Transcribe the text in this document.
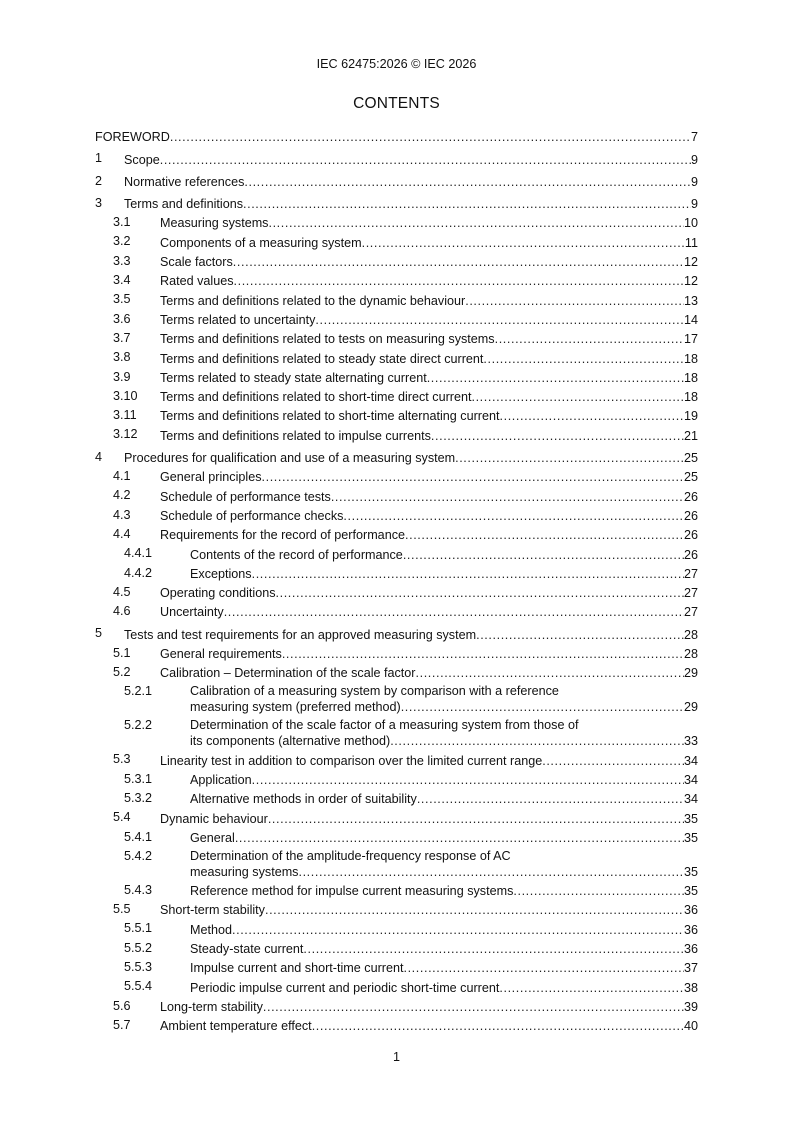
IEC 62475:2026 © IEC 2026
CONTENTS
FOREWORD .....	7
1 Scope .....	9
2 Normative references .....	9
3 Terms and definitions .....	9
3.1 Measuring systems .....	10
3.2 Components of a measuring system .....	11
3.3 Scale factors .....	12
3.4 Rated values .....	12
3.5 Terms and definitions related to the dynamic behaviour .....	13
3.6 Terms related to uncertainty .....	14
3.7 Terms and definitions related to tests on measuring systems .....	17
3.8 Terms and definitions related to steady state direct current .....	18
3.9 Terms related to steady state alternating current .....	18
3.10 Terms and definitions related to short-time direct current .....	18
3.11 Terms and definitions related to short-time alternating current .....	19
3.12 Terms and definitions related to impulse currents .....	21
4 Procedures for qualification and use of a measuring system .....	25
4.1 General principles .....	25
4.2 Schedule of performance tests .....	26
4.3 Schedule of performance checks .....	26
4.4 Requirements for the record of performance .....	26
4.4.1	Contents of the record of performance .....	26
4.4.2	Exceptions .....	27
4.5 Operating conditions .....	27
4.6 Uncertainty .....	27
5 Tests and test requirements for an approved measuring system .....	28
5.1 General requirements .....	28
5.2 Calibration – Determination of the scale factor .....	29
5.2.1	Calibration of a measuring system by comparison with a reference
measuring system (preferred method) .....	29
5.2.2	Determination of the scale factor of a measuring system from those of
its components (alternative method) .....	33
5.3 Linearity test in addition to comparison over the limited current range .....	34
5.3.1	Application .....	34
5.3.2	Alternative methods in order of suitability .....	34
5.4 Dynamic behaviour .....	35
5.4.1	General .....	35
5.4.2	Determination of the amplitude-frequency response of AC
measuring systems .....	35
5.4.3	Reference method for impulse current measuring systems .....	35
5.5 Short-term stability .....	36
5.5.1	Method .....	36
5.5.2	Steady-state current .....	36
5.5.3	Impulse current and short-time current .....	37
5.5.4	Periodic impulse current and periodic short-time current .....	38
5.6 Long-term stability .....	39
5.7 Ambient temperature effect .....	40
1
